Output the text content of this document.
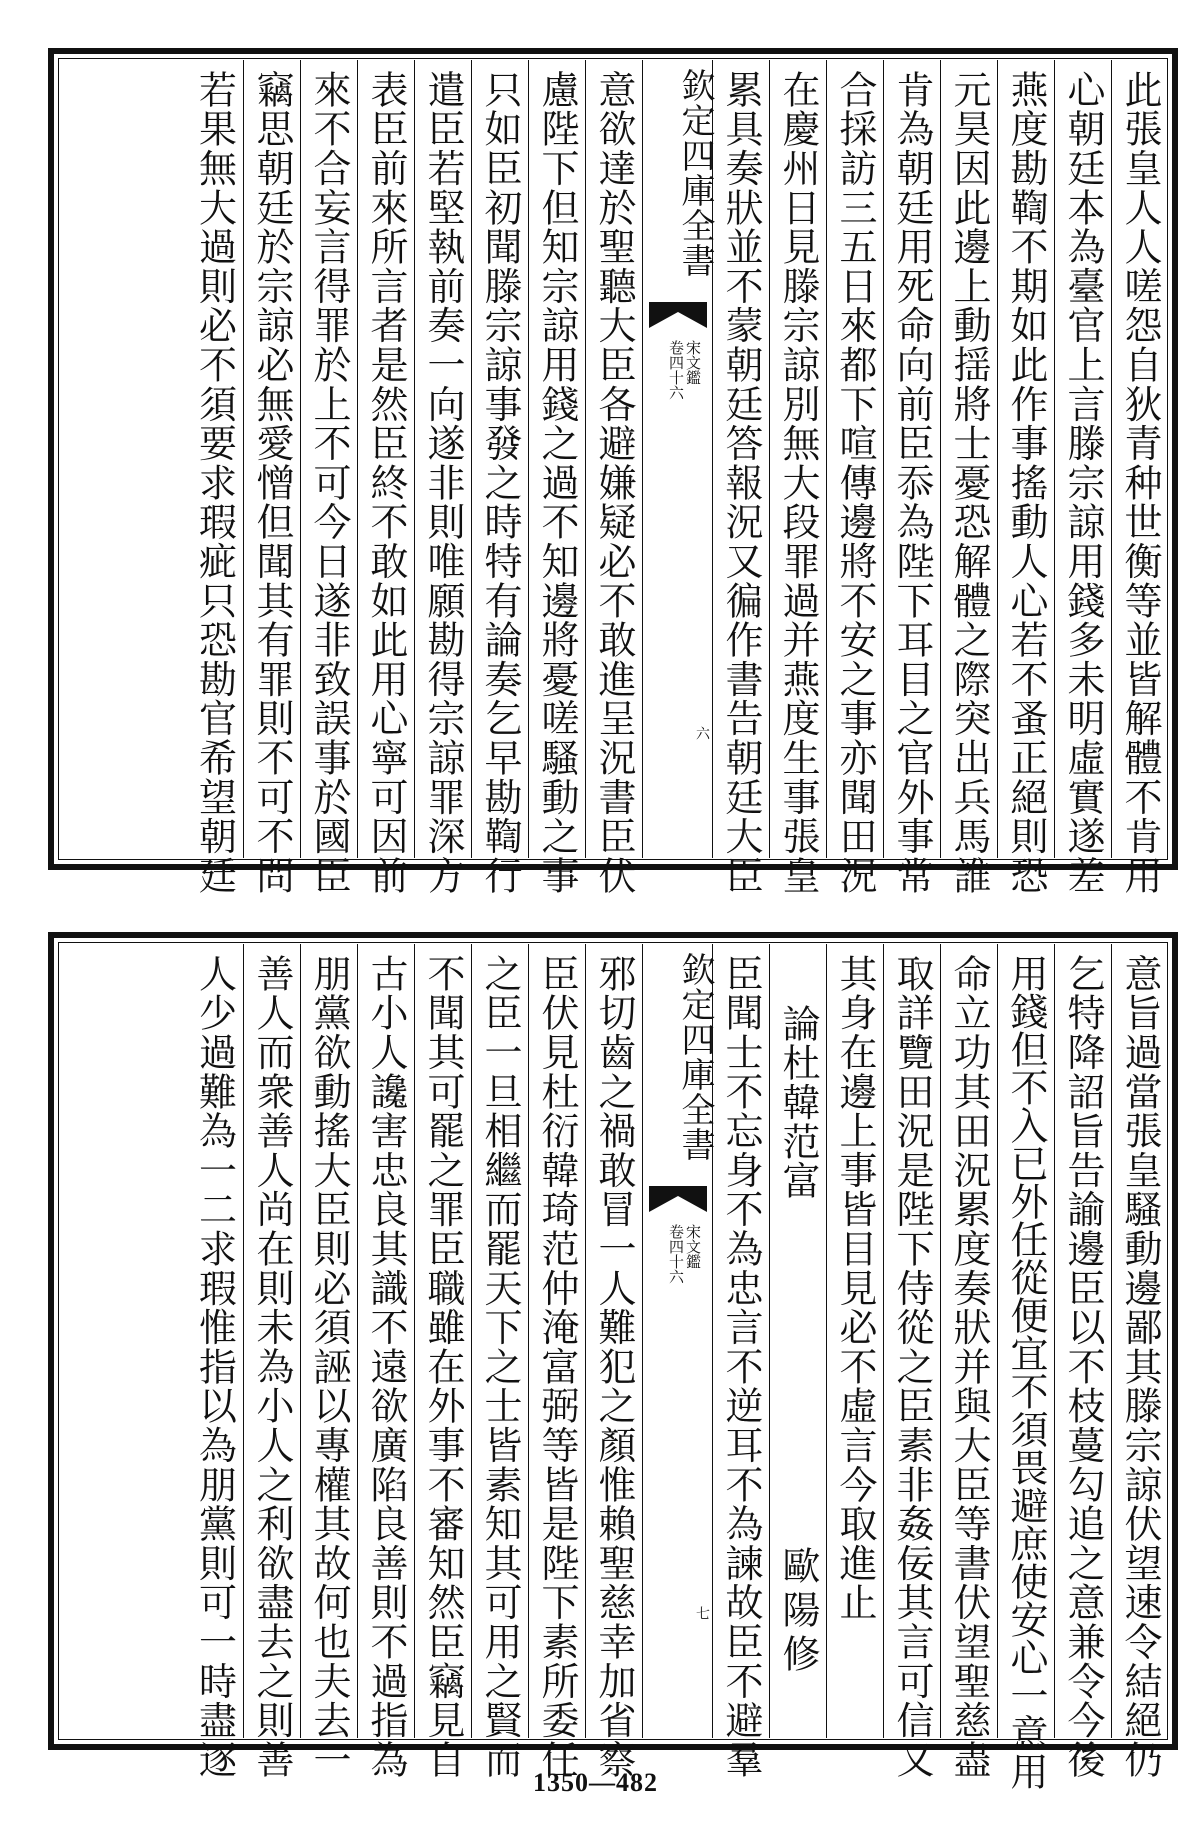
此張皇人人嗟怨自狄青种世衡等並皆解體不肯用
心朝廷本為臺官上言滕宗諒用錢多未明虛實遂差
燕度勘鞫不期如此作事搖動人心若不蚤正絕則恐
元昊因此邊上動揺將士憂恐解體之際突出兵馬誰
肯為朝廷用死命向前臣忝為陛下耳目之官外事常
合採訪三五日來都下喧傳邊將不安之事亦聞田況
在慶州日見滕宗諒別無大段罪過并燕度生事張皇
累具奏狀並不蒙朝廷答報況又徧作書告朝廷大臣
欽定四庫全書
宋文鑑
卷四十六
六
意欲達於聖聽大臣各避嫌疑必不敢進呈況書臣伏
慮陛下但知宗諒用錢之過不知邊將憂嗟騷動之事
只如臣初聞滕宗諒事發之時特有論奏乞早勘鞫行
遣臣若堅執前奏一向遂非則唯願勘得宗諒罪深方
表臣前來所言者是然臣終不敢如此用心寧可因前
來不合妄言得罪於上不可今日遂非致誤事於國臣
竊思朝廷於宗諒必無愛憎但聞其有罪則不可不問
若果無大過則必不須要求瑕疵只恐勘官希望朝廷
意旨過當張皇騷動邊鄙其滕宗諒伏望速令結絕仍
乞特降詔旨告諭邊臣以不枝蔓勾追之意兼令今後
用錢但不入已外任從便宜不須畏避庶使安心一意用
命立功其田況累度奏狀并與大臣等書伏望聖慈盡
取詳覽田況是陛下侍從之臣素非姦佞其言可信又
其身在邊上事皆目見必不虛言今取進止
論杜韓范富
歐陽修
臣聞士不忘身不為忠言不逆耳不為諫故臣不避羣
欽定四庫全書
宋文鑑
卷四十六
七
邪切齒之禍敢冒一人難犯之顏惟賴聖慈幸加省察
臣伏見杜衍韓琦范仲淹富弼等皆是陛下素所委任
之臣一旦相繼而罷天下之士皆素知其可用之賢而
不聞其可罷之罪臣職雖在外事不審知然臣竊見自
古小人讒害忠良其識不遠欲廣陷良善則不過指為
朋黨欲動搖大臣則必須誣以專權其故何也夫去一
善人而衆善人尚在則未為小人之利欲盡去之則善
人少過難為一二求瑕惟指以為朋黨則可一時盡逐
1350—482
